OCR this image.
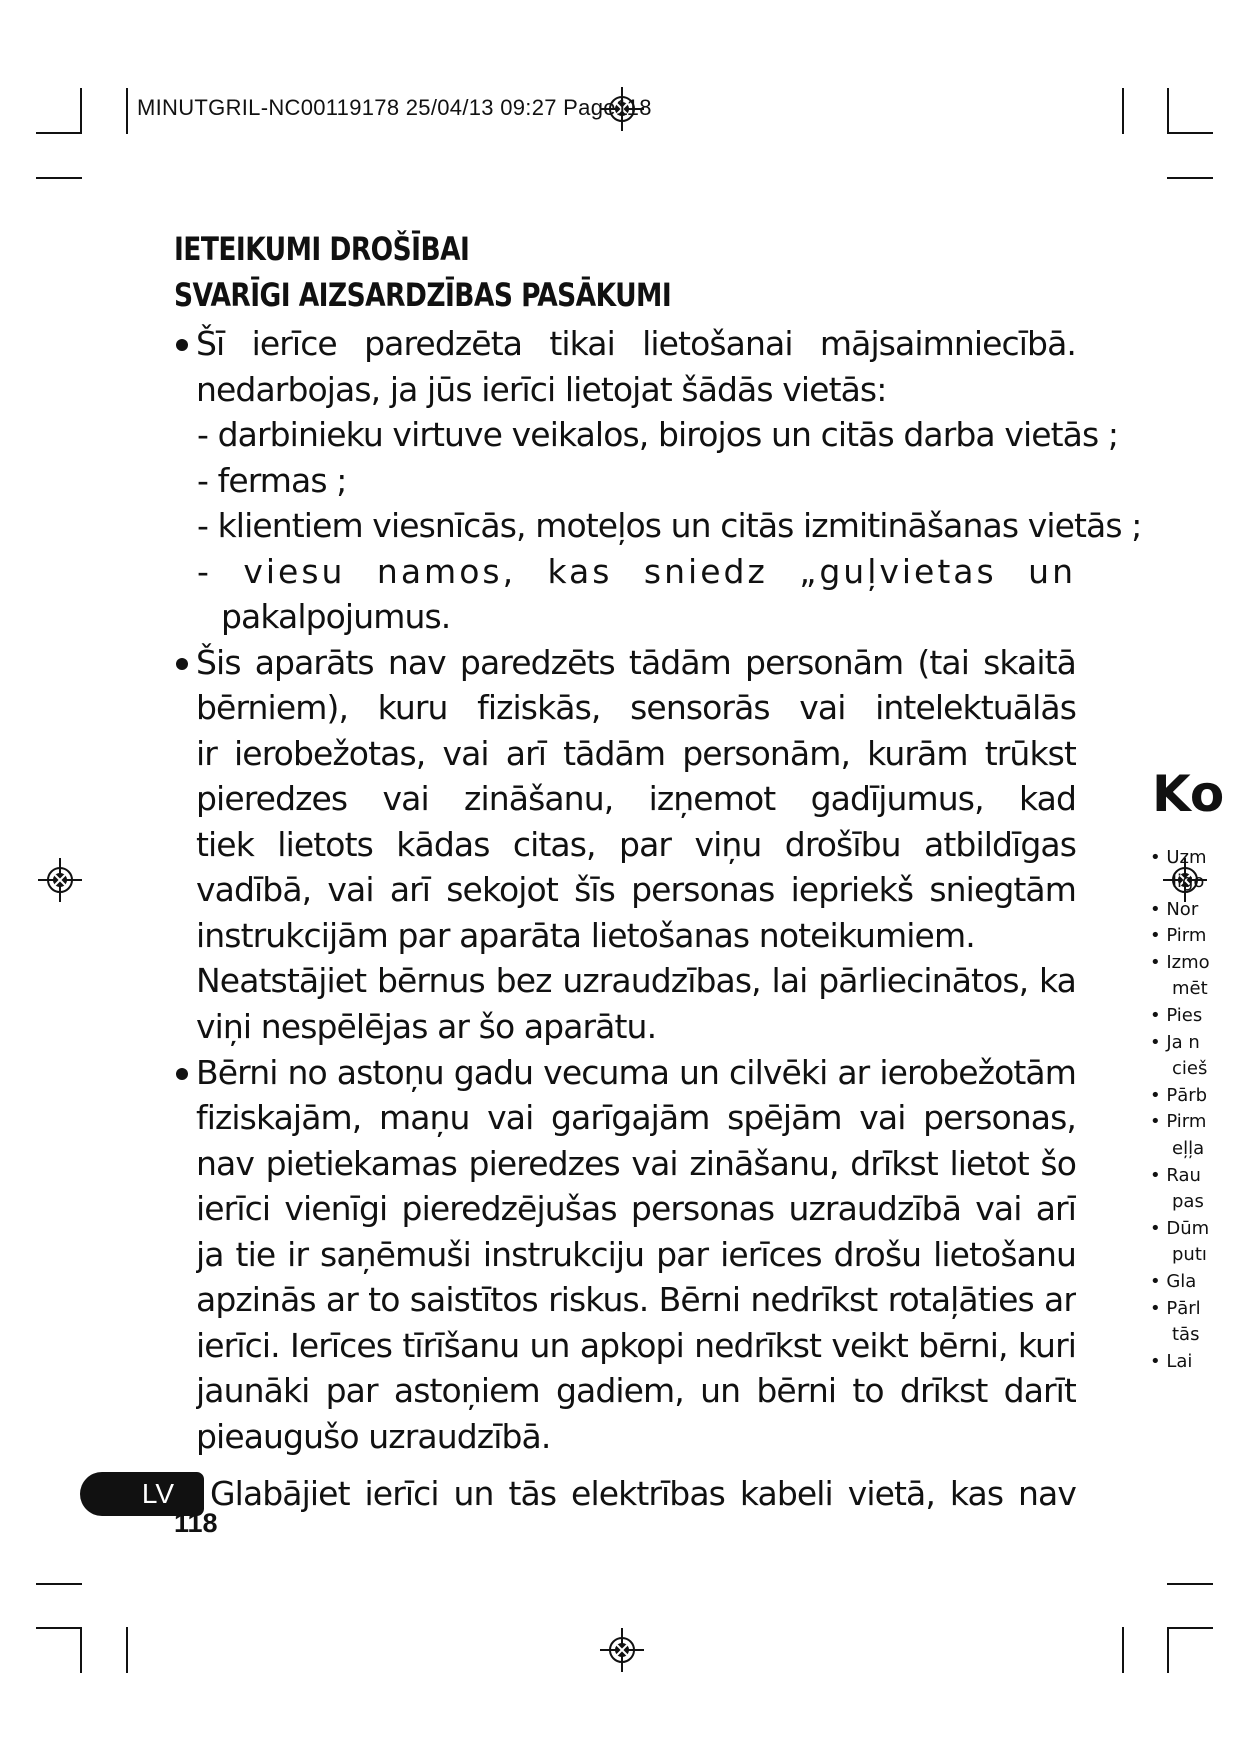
MINUTGRIL-NC00119178 25/04/13 09:27 Page118
IETEIKUMI DROŠĪBAI
SVARĪGI AIZSARDZĪBAS PASĀKUMI
Šī ierīce paredzēta tikai lietošanai mājsaimniecībā.
nedarbojas, ja jūs ierīci lietojat šādās vietās:
- darbinieku virtuve veikalos, birojos un citās darba vietās ;
- fermas ;
- klientiem viesnīcās, moteļos un citās izmitināšanas vietās ;
- viesu namos, kas sniedz „guļvietas un
pakalpojumus.
Šis aparāts nav paredzēts tādām personām (tai skaitā
bērniem), kuru fiziskās, sensorās vai intelektuālās
ir ierobežotas, vai arī tādām personām, kurām trūkst
pieredzes vai zināšanu, izņemot gadījumus, kad
tiek lietots kādas citas, par viņu drošību atbildīgas
vadībā, vai arī sekojot šīs personas iepriekš sniegtām
instrukcijām par aparāta lietošanas noteikumiem.
Neatstājiet bērnus bez uzraudzības, lai pārliecinātos, ka
viņi nespēlējas ar šo aparātu.
Bērni no astoņu gadu vecuma un cilvēki ar ierobežotām
fiziskajām, maņu vai garīgajām spējām vai personas,
nav pietiekamas pieredzes vai zināšanu, drīkst lietot šo
ierīci vienīgi pieredzējušas personas uzraudzībā vai arī
ja tie ir saņēmuši instrukciju par ierīces drošu lietošanu
apzinās ar to saistītos riskus. Bērni nedrīkst rotaļāties ar
ierīci. Ierīces tīrīšanu un apkopi nedrīkst veikt bērni, kuri
jaunāki par astoņiem gadiem, un bērni to drīkst darīt
pieaugušo uzraudzībā.
Glabājiet ierīci un tās elektrības kabeli vietā, kas nav
LV
118
Ko
• Uzm
ligo
• Nor
• Pirm
• Izmo
mēt
• Pies
• Ja n
cieš
• Pārb
• Pirm
eļļa
• Rau
pas
• Dūm
putı
• Gla
• Pārl
tās
• Lai
